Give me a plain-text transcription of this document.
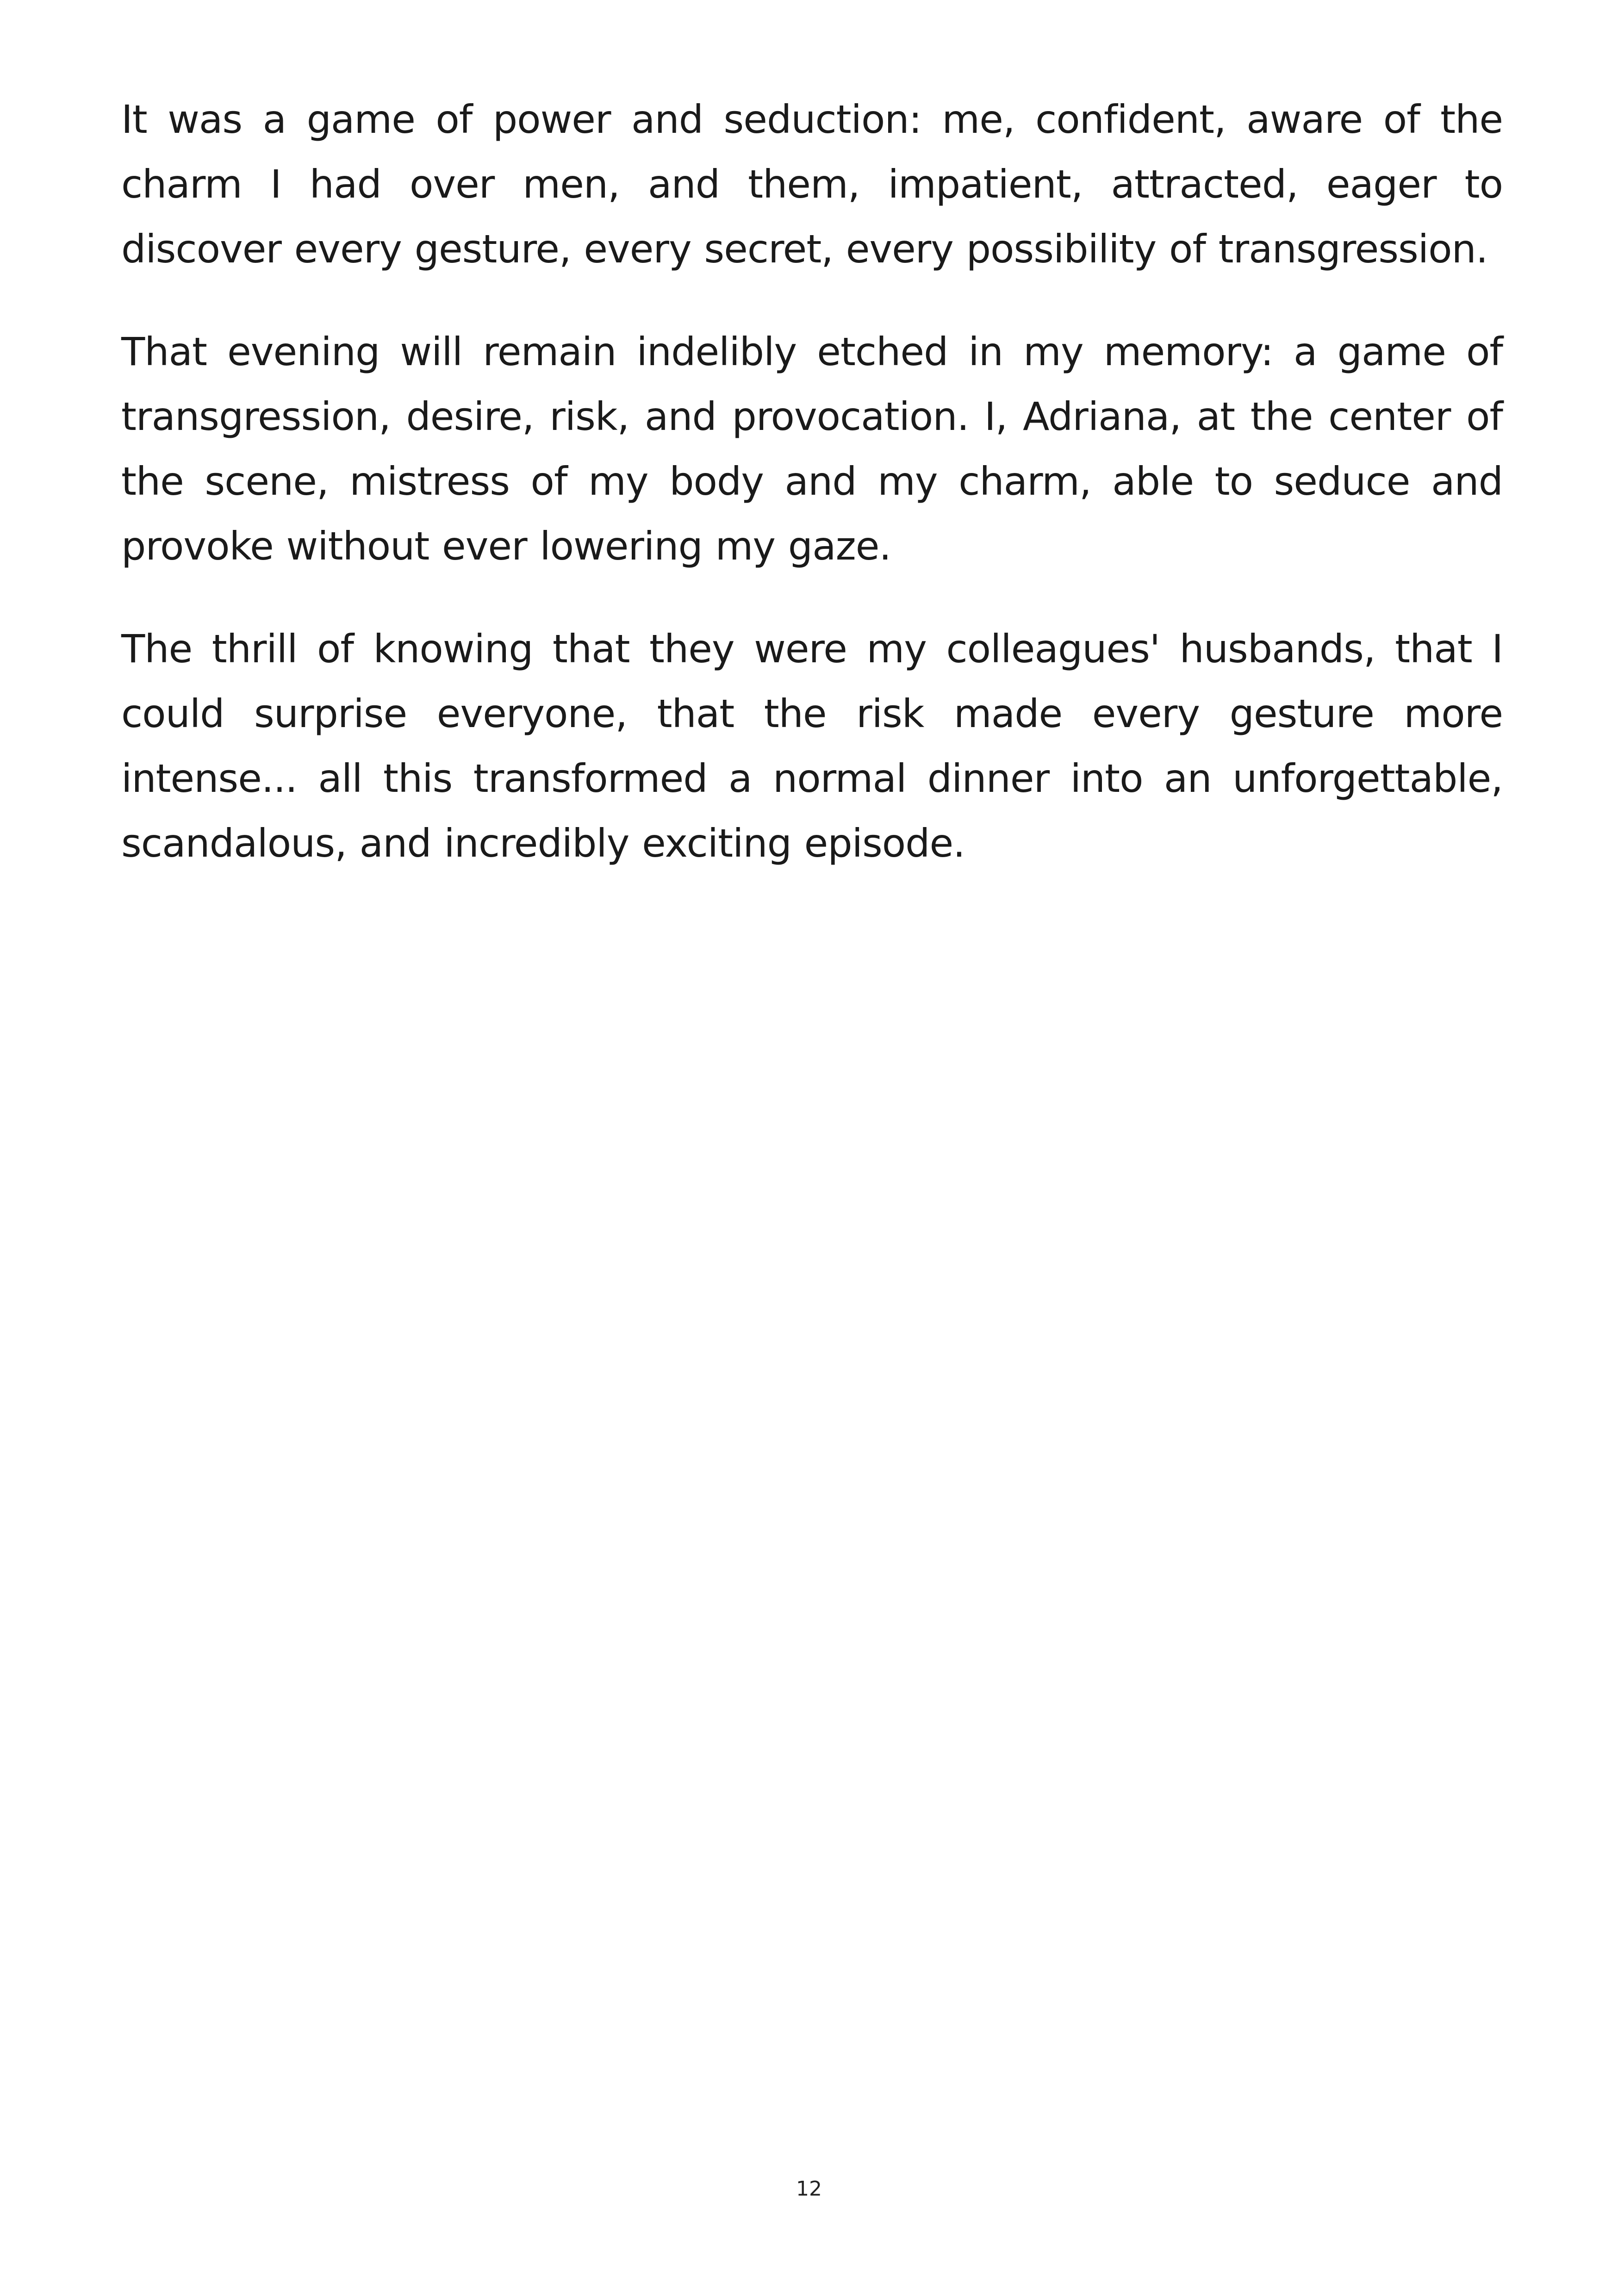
It was a game of power and seduction: me, confident, aware of the charm I had over men, and them, impatient, attracted, eager to discover every gesture, every secret, every possibility of transgression.

That evening will remain indelibly etched in my memory: a game of transgression, desire, risk, and provocation. I, Adriana, at the center of the scene, mistress of my body and my charm, able to seduce and provoke without ever lowering my gaze.

The thrill of knowing that they were my colleagues' husbands, that I could surprise everyone, that the risk made every gesture more intense... all this transformed a normal dinner into an unforgettable, scandalous, and incredibly exciting episode.

12
